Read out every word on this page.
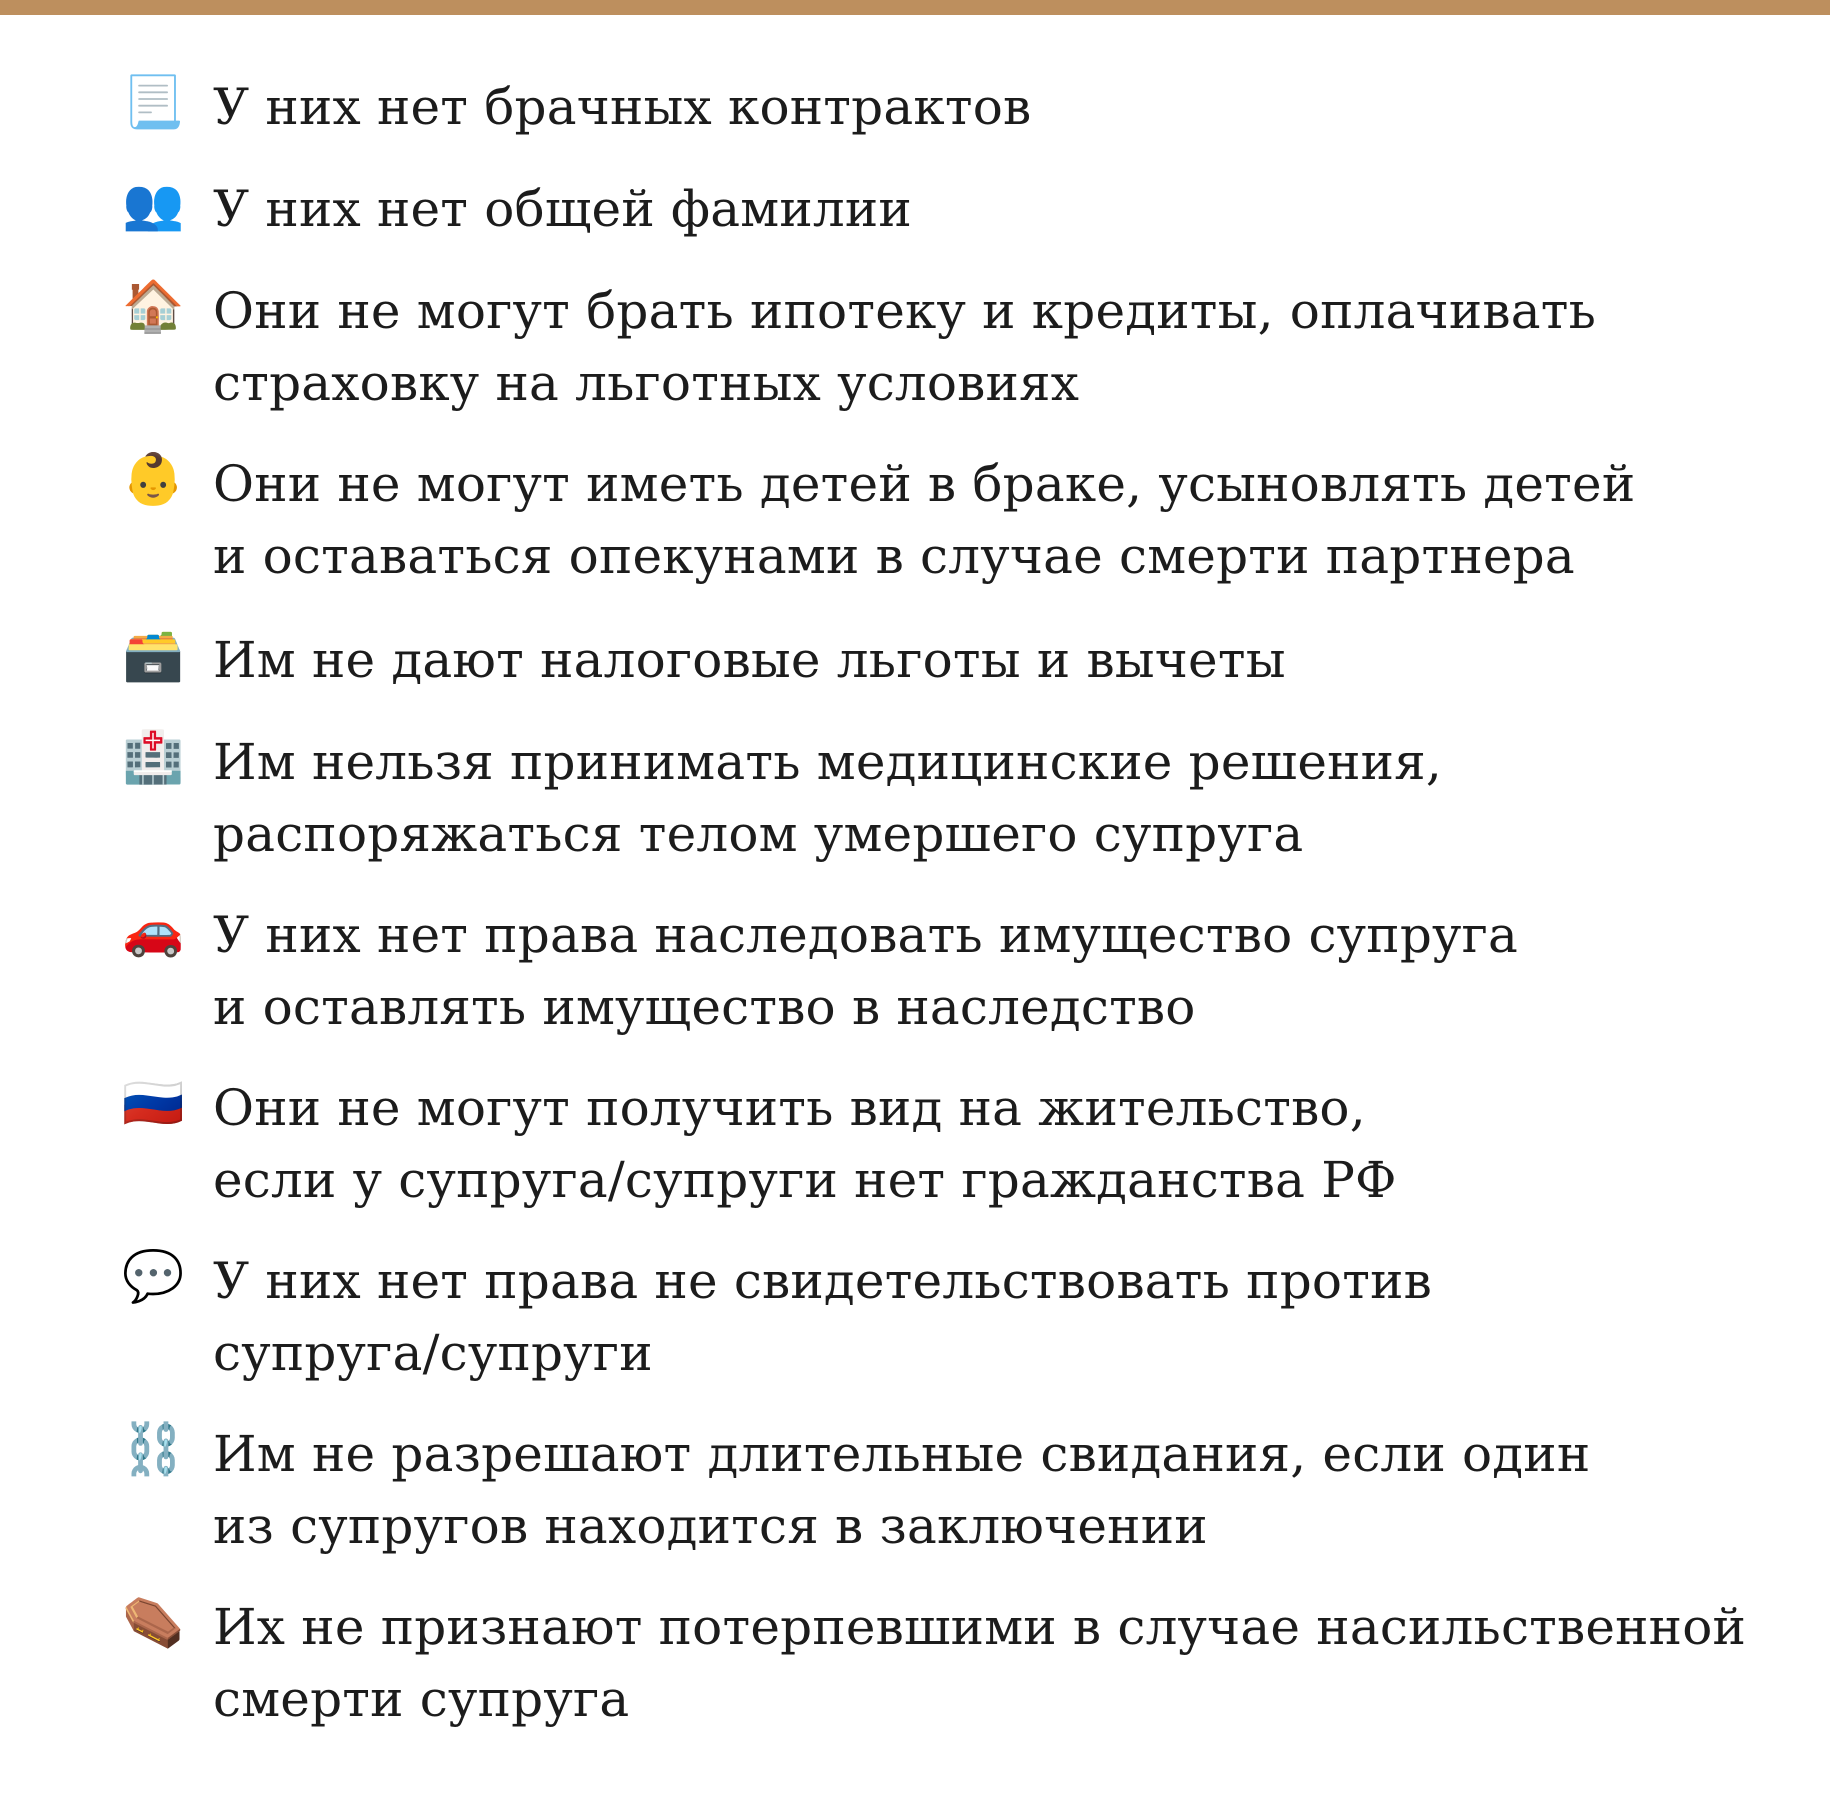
📃 У них нет брачных контрактов

👥 У них нет общей фамилии

🏠 Они не могут брать ипотеку и кредиты, оплачивать

страховку на льготных условиях

👶 Они не могут иметь детей в браке, усыновлять детей

и оставаться опекунами в случае смерти партнера

🗃️ Им не дают налоговые льготы и вычеты

🏥 Им нельзя принимать медицинские решения,

распоряжаться телом умершего супруга

🚗 У них нет права наследовать имущество супруга

и оставлять имущество в наследство

🇷🇺 Они не могут получить вид на жительство,

если у супруга/супруги нет гражданства РФ

💬 У них нет права не свидетельствовать против

супруга/супруги

⛓️ Им не разрешают длительные свидания, если один

из супругов находится в заключении

⚰️ Их не признают потерпевшими в случае насильственной

смерти супруга
